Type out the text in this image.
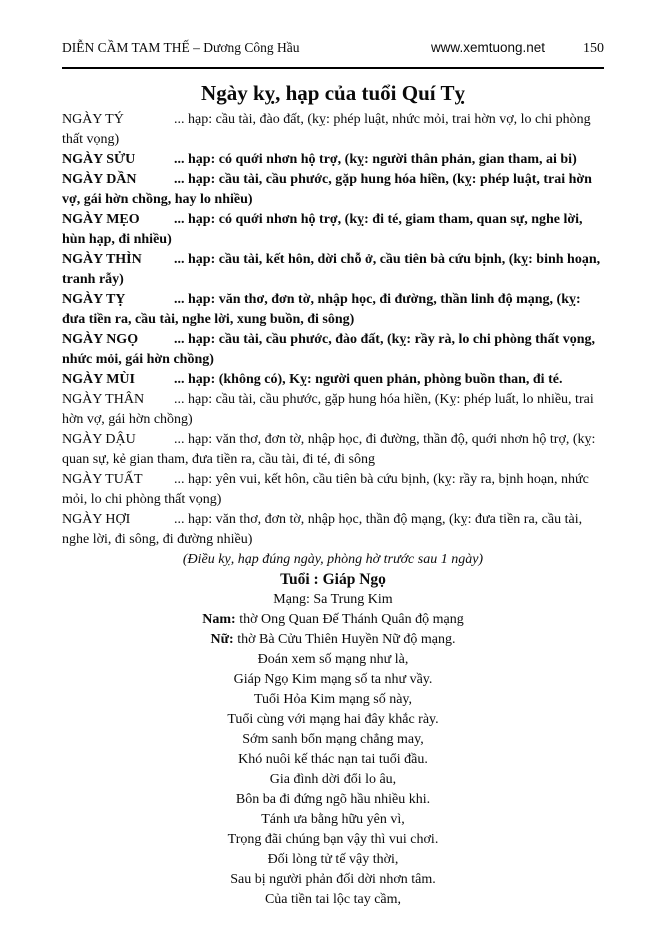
DIỄN CẦM TAM THẾ – Dương Công Hầu	www.xemtuong.net	150
Ngày kỵ, hạp của tuổi Quí Tỵ

NGÀY TÝ	... hạp: cầu tài, đào đất, (kỵ: phép luật, nhức mỏi, trai hờn vợ, lo chi phòng thất vọng)

NGÀY SỬU	... hạp: có quới nhơn hộ trợ, (kỵ: người thân phản, gian tham, ai bi)

NGÀY DẦN	... hạp: cầu tài, cầu phước, gặp hung hóa hiền, (kỵ: phép luật, trai hờn vợ, gái hờn chồng, hay lo nhiều)

NGÀY MẸO ... hạp: có quới nhơn hộ trợ, (kỵ: đi té, giam tham, quan sự, nghe lời, hùn hạp, đi nhiều)

NGÀY THÌN ... hạp: cầu tài, kết hôn, dời chỗ ở, cầu tiên bà cứu bịnh, (kỵ: binh hoạn, tranh rẫy)

NGÀY TỴ	... hạp: văn thơ, đơn tờ, nhập học, đi đường, thần linh độ mạng, (kỵ: đưa tiền ra, cầu tài, nghe lời, xung buồn, đi sông)

NGÀY NGỌ	... hạp: cầu tài, cầu phước, đào đất, (kỵ: rầy rà, lo chi phòng thất vọng, nhức mỏi, gái hờn chồng)

NGÀY MÙI	... hạp: (không có), Kỵ: người quen phản, phòng buồn than, đi té.

NGÀY THÂN ... hạp: cầu tài, cầu phước, gặp hung hóa hiền, (Kỵ: phép luất, lo nhiều, trai hờn vợ, gái hờn chồng)

NGÀY DẬU	... hạp: văn thơ, đơn tờ, nhập học, đi đường, thần độ, quới nhơn hộ trợ, (kỵ: quan sự, kẻ gian tham, đưa tiền ra, cầu tài, đi té, đi sông

NGÀY TUẤT ... hạp: yên vui, kết hôn, cầu tiên bà cứu bịnh, (kỵ: rầy ra, bịnh hoạn, nhức mỏi, lo chi phòng thất vọng)

NGÀY HỢI	... hạp: văn thơ, đơn tờ, nhập học, thần độ mạng, (kỵ: đưa tiền ra, cầu tài, nghe lời, đi sông, đi đường nhiều)

(Điều kỵ, hạp đúng ngày, phòng hờ trước sau 1 ngày)

Tuổi : Giáp Ngọ

Mạng: Sa Trung Kim

Nam: thờ Ong Quan Đế Thánh Quân độ mạng

Nữ: thờ Bà Cửu Thiên Huyền Nữ độ mạng.

Đoán xem số mạng như là,

Giáp Ngọ Kim mạng số ta như vầy.

Tuổi Hỏa Kim mạng số này,

Tuổi cùng với mạng hai đây khắc rày.

Sớm sanh bổn mạng chẳng may,

Khó nuôi kế thác nạn tai tuổi đầu.

Gia đình dời đổi lo âu,

Bôn ba đi đứng ngõ hầu nhiều khi.

Tánh ưa bằng hữu yên vì,

Trọng đãi chúng bạn vậy thì vui chơi.

Đối lòng tử tế vậy thời,

Sau bị người phản đối dời nhơn tâm.

Của tiền tai lộc tay cầm,
